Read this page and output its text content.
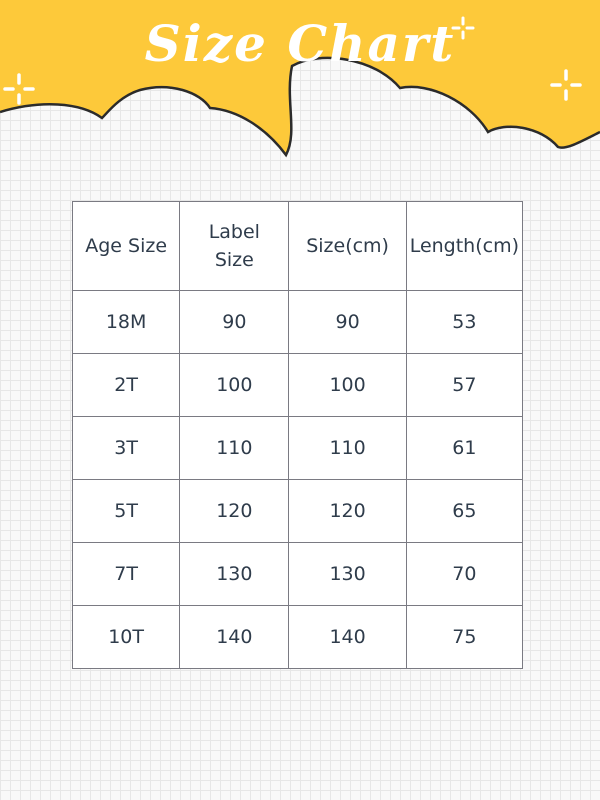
Size Chart
Age Size	Label Size	Size(cm)	Length(cm)
18M	90	90	53
2T	100	100	57
3T	110	110	61
5T	120	120	65
7T	130	130	70
10T	140	140	75
